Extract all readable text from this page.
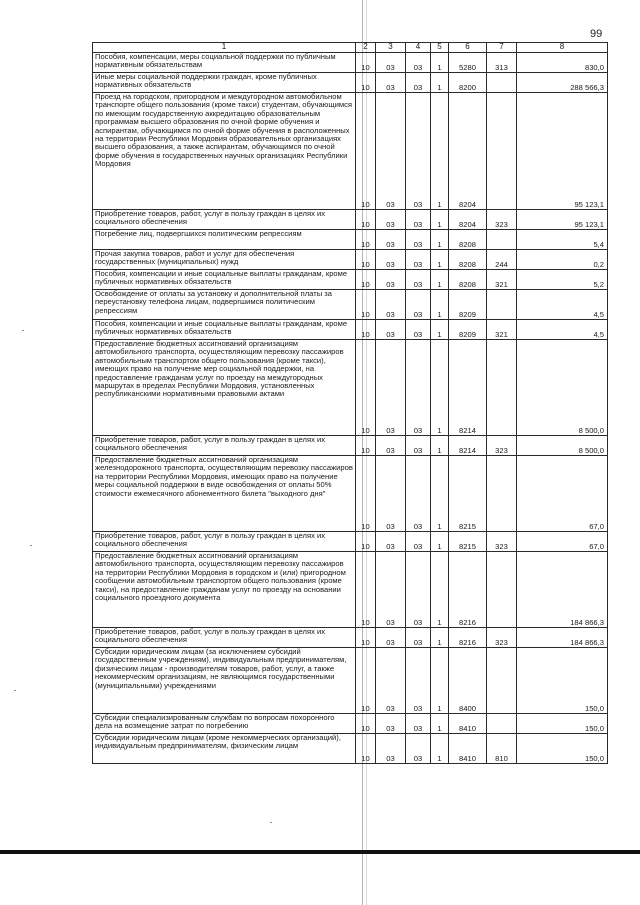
99
1	2	3	4	5	6	7	8
Пособия, компенсации, меры социальной поддержки по публичным нормативным обязательствам	10	03	03	1	5280	313	830,0
Иные меры социальной поддержки граждан, кроме публичных нормативных обязательств	10	03	03	1	8200		288 566,3
Проезд на городском, пригородном и междугородном автомобильном транспорте общего пользования (кроме такси) студентам, обучающимся по имеющим государственную аккредитацию образовательным программам высшего образования по очной форме обучения и аспирантам, обучающимся по очной форме обучения в расположенных на территории Республики Мордовия образовательных организациях высшего образования, а также аспирантам, обучающимся по очной форме обучения в государственных научных организациях Республики Мордовия	10	03	03	1	8204		95 123,1
Приобретение товаров, работ, услуг в пользу граждан в целях их социального обеспечения	10	03	03	1	8204	323	95 123,1
Погребение лиц, подвергшихся политическим репрессиям	10	03	03	1	8208		5,4
Прочая закупка товаров, работ и услуг для обеспечения государственных (муниципальных) нужд	10	03	03	1	8208	244	0,2
Пособия, компенсации и иные социальные выплаты гражданам, кроме публичных нормативных обязательств	10	03	03	1	8208	321	5,2
Освобождение от оплаты за установку и дополнительной платы за переустановку телефона лицам, подвергшимся политическим репрессиям	10	03	03	1	8209		4,5
Пособия, компенсации и иные социальные выплаты гражданам, кроме публичных нормативных обязательств	10	03	03	1	8209	321	4,5
Предоставление бюджетных ассигнований организациям автомобильного транспорта, осуществляющим перевозку пассажиров автомобильным транспортом общего пользования (кроме такси), имеющих право на получение мер социальной поддержки, на предоставление гражданам услуг по проезду на междугородных маршрутах в пределах Республики Мордовия, установленных республиканскими нормативными правовыми актами	10	03	03	1	8214		8 500,0
Приобретение товаров, работ, услуг в пользу граждан в целях их социального обеспечения	10	03	03	1	8214	323	8 500,0
Предоставление бюджетных ассигнований организациям железнодорожного транспорта, осуществляющим перевозку пассажиров на территории Республики Мордовия, имеющих право на получение меры социальной поддержки в виде освобождения от оплаты 50% стоимости ежемесячного абонементного билета "выходного дня"	10	03	03	1	8215		67,0
Приобретение товаров, работ, услуг в пользу граждан в целях их социального обеспечения	10	03	03	1	8215	323	67,0
Предоставление бюджетных ассигнований организациям автомобильного транспорта, осуществляющим перевозку пассажиров на территории Республики Мордовия в городском и (или) пригородном сообщении автомобильным транспортом общего пользования (кроме такси), на предоставление гражданам услуг по проезду на основании социального проездного документа	10	03	03	1	8216		184 866,3
Приобретение товаров, работ, услуг в пользу граждан в целях их социального обеспечения	10	03	03	1	8216	323	184 866,3
Субсидии юридическим лицам (за исключением субсидий государственным учреждениям), индивидуальным предпринимателям, физическим лицам - производителям товаров, работ, услуг, а также некоммерческим организациям, не являющимся государственными (муниципальными) учреждениями	10	03	03	1	8400		150,0
Субсидии специализированным службам по вопросам похоронного дела на возмещение затрат по погребению	10	03	03	1	8410		150,0
Субсидии юридическим лицам (кроме некоммерческих организаций), индивидуальным предпринимателям, физическим лицам	10	03	03	1	8410	810	150,0
